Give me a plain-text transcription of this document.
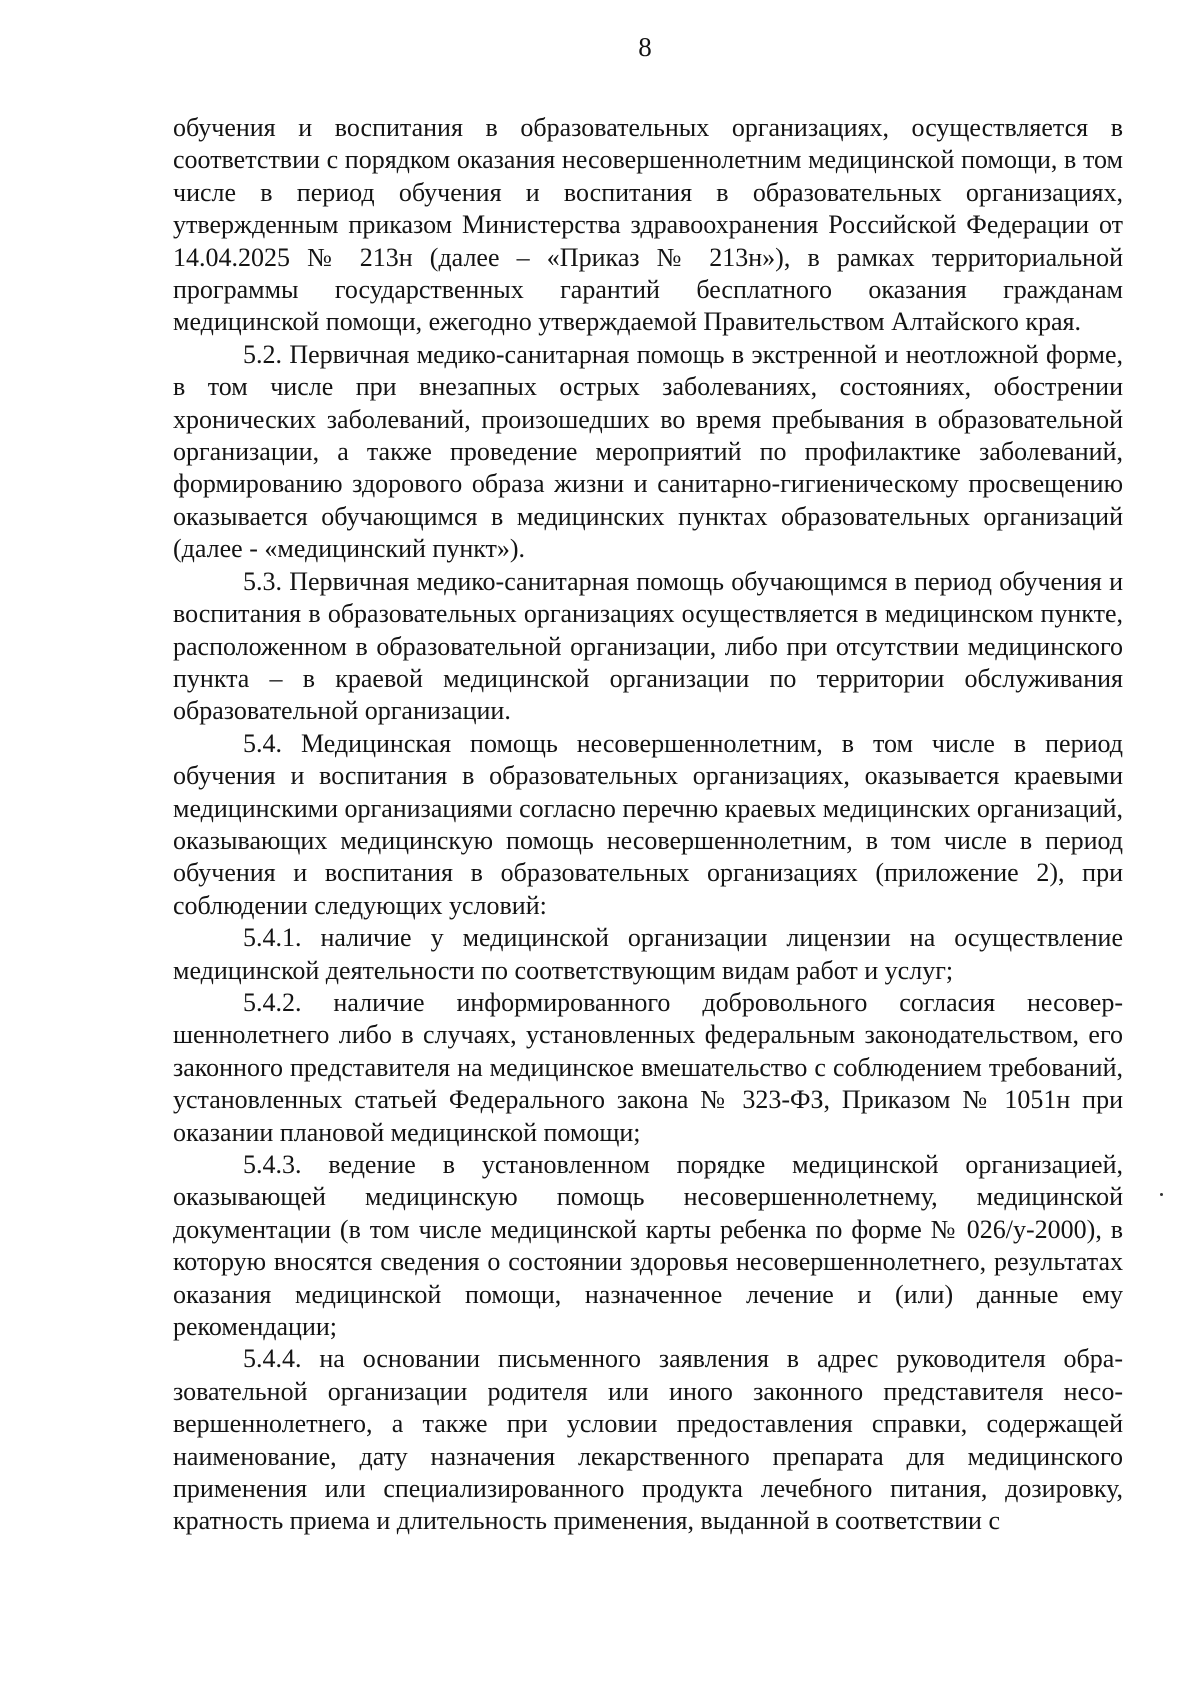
8

обучения и воспитания в образовательных организациях, осуществляется в соответствии с порядком оказания несовершеннолетним медицинской помощи, в том числе в период обучения и воспитания в образовательных организациях, утвержденным приказом Министерства здравоохранения Российской Федерации от 14.04.2025 № 213н (далее – «Приказ № 213н»), в рамках территориальной программы государственных гарантий бесплатного оказания гражданам медицинской помощи, ежегодно утверждаемой Правительством Алтайского края.

5.2. Первичная медико-санитарная помощь в экстренной и неотложной форме, в том числе при внезапных острых заболеваниях, состояниях, обострении хронических заболеваний, произошедших во время пребывания в образовательной организации, а также проведение мероприятий по профилактике заболеваний, формированию здорового образа жизни и санитарно-гигиеническому просвещению оказывается обучающимся в медицинских пунктах образовательных организаций (далее - «медицинский пункт»).

5.3. Первичная медико-санитарная помощь обучающимся в период обучения и воспитания в образовательных организациях осуществляется в медицинском пункте, расположенном в образовательной организации, либо при отсутствии медицинского пункта – в краевой медицинской организации по территории обслуживания образовательной организации.

5.4. Медицинская помощь несовершеннолетним, в том числе в период обучения и воспитания в образовательных организациях, оказывается краевыми медицинскими организациями согласно перечню краевых медицинских организаций, оказывающих медицинскую помощь несовершеннолетним, в том числе в период обучения и воспитания в образовательных организациях (приложение 2), при соблюдении следующих условий:

5.4.1. наличие у медицинской организации лицензии на осуществление медицинской деятельности по соответствующим видам работ и услуг;

5.4.2. наличие информированного добровольного согласия несовершеннолетнего либо в случаях, установленных федеральным законодательством, его законного представителя на медицинское вмешательство с соблюдением требований, установленных статьей Федерального закона № 323-ФЗ, Приказом № 1051н при оказании плановой медицинской помощи;

5.4.3. ведение в установленном порядке медицинской организацией, оказывающей медицинскую помощь несовершеннолетнему, медицинской документации (в том числе медицинской карты ребенка по форме № 026/у-2000), в которую вносятся сведения о состоянии здоровья несовершеннолетнего, результатах оказания медицинской помощи, назначенное лечение и (или) данные ему рекомендации;

5.4.4. на основании письменного заявления в адрес руководителя образовательной организации родителя или иного законного представителя несовершеннолетнего, а также при условии предоставления справки, содержащей наименование, дату назначения лекарственного препарата для медицинского применения или специализированного продукта лечебного питания, дозировку, кратность приема и длительность применения, выданной в соответствии с
